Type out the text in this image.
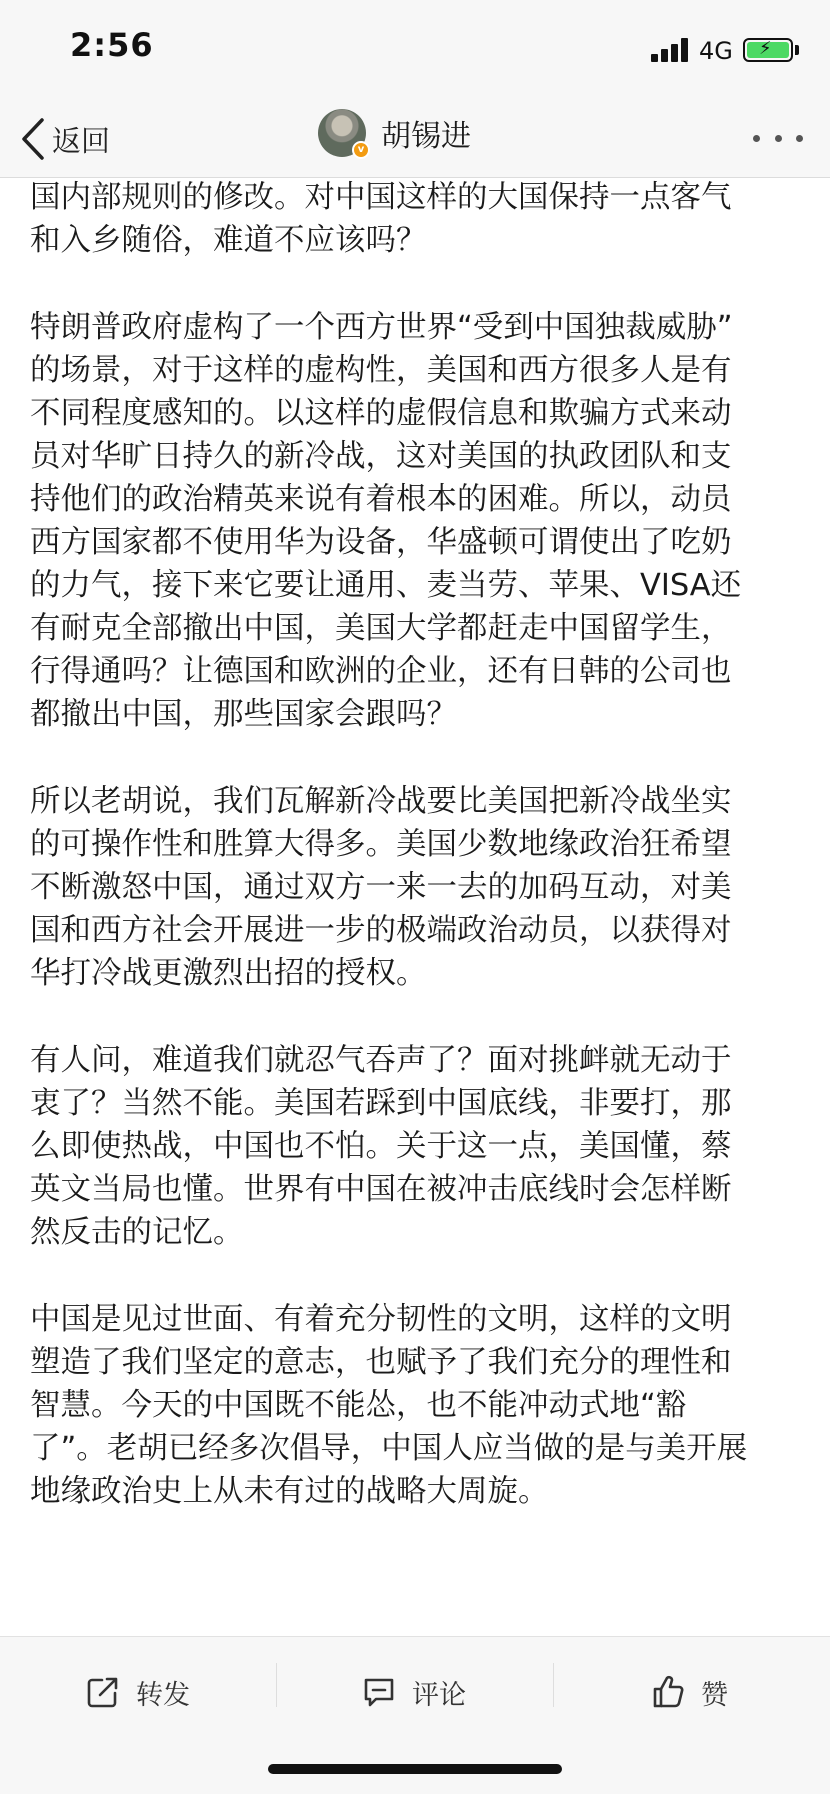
2:56	4G ⚡
返回	v 胡锡进
国内部规则的修改。对中国这样的大国保持一点客气
和入乡随俗，难道不应该吗？
特朗普政府虚构了一个西方世界“受到中国独裁威胁”
的场景，对于这样的虚构性，美国和西方很多人是有
不同程度感知的。以这样的虚假信息和欺骗方式来动
员对华旷日持久的新冷战，这对美国的执政团队和支
持他们的政治精英来说有着根本的困难。所以，动员
西方国家都不使用华为设备，华盛顿可谓使出了吃奶
的力气，接下来它要让通用、麦当劳、苹果、VISA还
有耐克全部撤出中国，美国大学都赶走中国留学生，
行得通吗？让德国和欧洲的企业，还有日韩的公司也
都撤出中国，那些国家会跟吗？
所以老胡说，我们瓦解新冷战要比美国把新冷战坐实
的可操作性和胜算大得多。美国少数地缘政治狂希望
不断激怒中国，通过双方一来一去的加码互动，对美
国和西方社会开展进一步的极端政治动员，以获得对
华打冷战更激烈出招的授权。
有人问，难道我们就忍气吞声了？面对挑衅就无动于
衷了？当然不能。美国若踩到中国底线，非要打，那
么即使热战，中国也不怕。关于这一点，美国懂，蔡
英文当局也懂。世界有中国在被冲击底线时会怎样断
然反击的记忆。
中国是见过世面、有着充分韧性的文明，这样的文明
塑造了我们坚定的意志，也赋予了我们充分的理性和
智慧。今天的中国既不能怂，也不能冲动式地“豁
了”。老胡已经多次倡导，中国人应当做的是与美开展
地缘政治史上从未有过的战略大周旋。
转发	评论	赞
